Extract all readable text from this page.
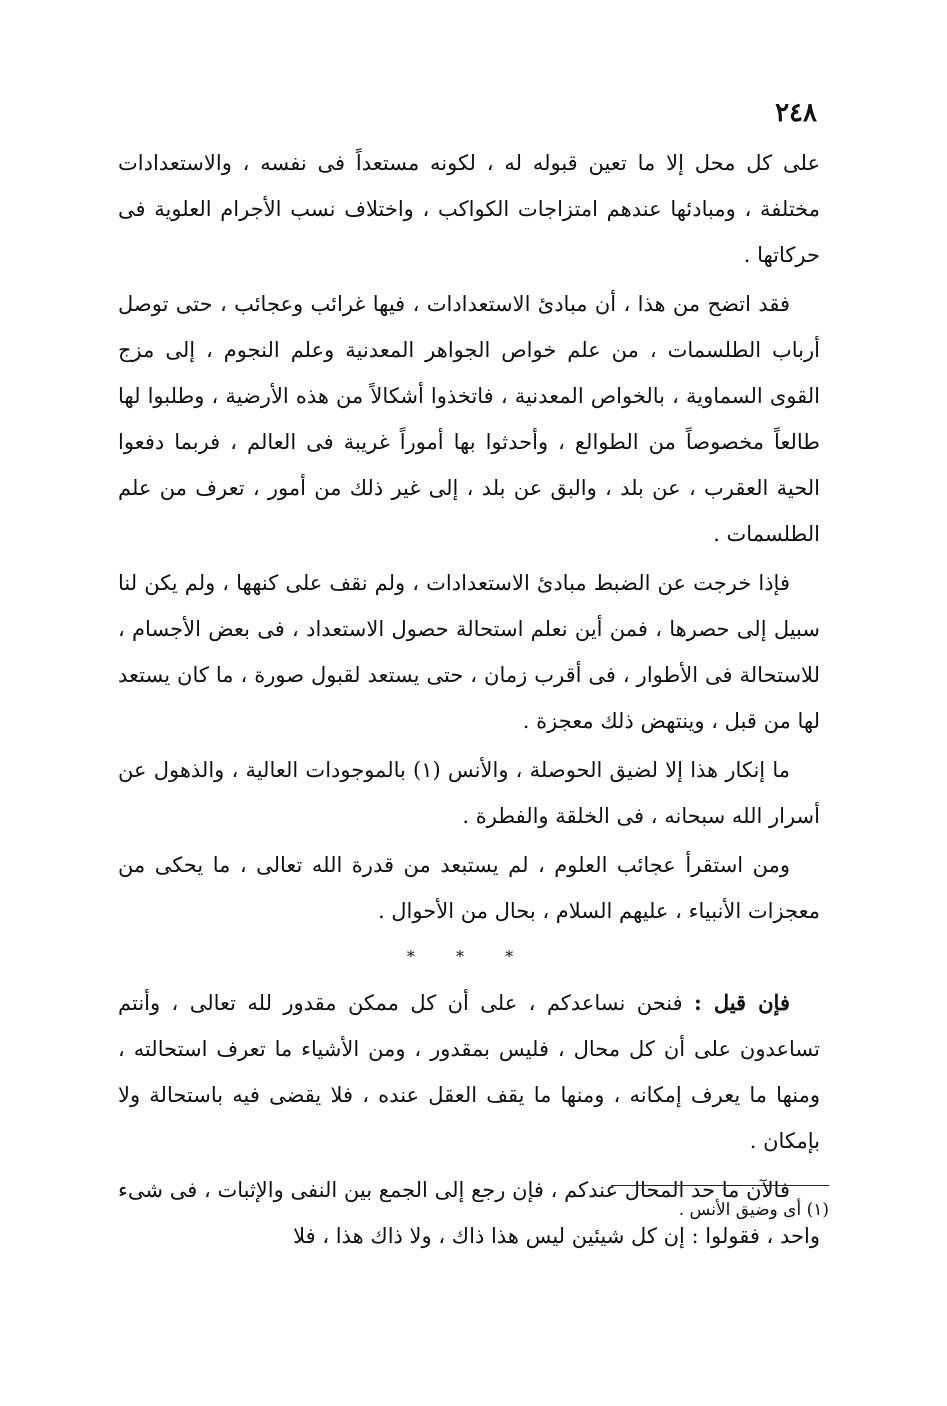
٢٤٨

على كل محل إلا ما تعين قبوله له ، لكونه مستعداً فى نفسه ، والاستعدادات مختلفة ، ومبادئها عندهم امتزاجات الكواكب ، واختلاف نسب الأجرام العلوية فى حركاتها .

فقد اتضح من هذا ، أن مبادئ الاستعدادات ، فيها غرائب وعجائب ، حتى توصل أرباب الطلسمات ، من علم خواص الجواهر المعدنية وعلم النجوم ، إلى مزج القوى السماوية ، بالخواص المعدنية ، فاتخذوا أشكالاً من هذه الأرضية ، وطلبوا لها طالعاً مخصوصاً من الطوالع ، وأحدثوا بها أموراً غريبة فى العالم ، فربما دفعوا الحية العقرب ، عن بلد ، والبق عن بلد ، إلى غير ذلك من أمور ، تعرف من علم الطلسمات .

فإذا خرجت عن الضبط مبادئ الاستعدادات ، ولم نقف على كنهها ، ولم يكن لنا سبيل إلى حصرها ، فمن أين نعلم استحالة حصول الاستعداد ، فى بعض الأجسام ، للاستحالة فى الأطوار ، فى أقرب زمان ، حتى يستعد لقبول صورة ، ما كان يستعد لها من قبل ، وينتهض ذلك معجزة .

ما إنكار هذا إلا لضيق الحوصلة ، والأنس (١) بالموجودات العالية ، والذهول عن أسرار الله سبحانه ، فى الخلقة والفطرة .

ومن استقرأ عجائب العلوم ، لم يستبعد من قدرة الله تعالى ، ما يحكى من معجزات الأنبياء ، عليهم السلام ، بحال من الأحوال .

* * *

فإن قيل : فنحن نساعدكم ، على أن كل ممكن مقدور لله تعالى ، وأنتم تساعدون على أن كل محال ، فليس بمقدور ، ومن الأشياء ما تعرف استحالته ، ومنها ما يعرف إمكانه ، ومنها ما يقف العقل عنده ، فلا يقضى فيه باستحالة ولا بإمكان .

فالآن ما حد المحال عندكم ، فإن رجع إلى الجمع بين النفى والإثبات ، فى شىء واحد ، فقولوا : إن كل شيئين ليس هذا ذاك ، ولا ذاك هذا ، فلا

(١) أى وضيق الأنس .
